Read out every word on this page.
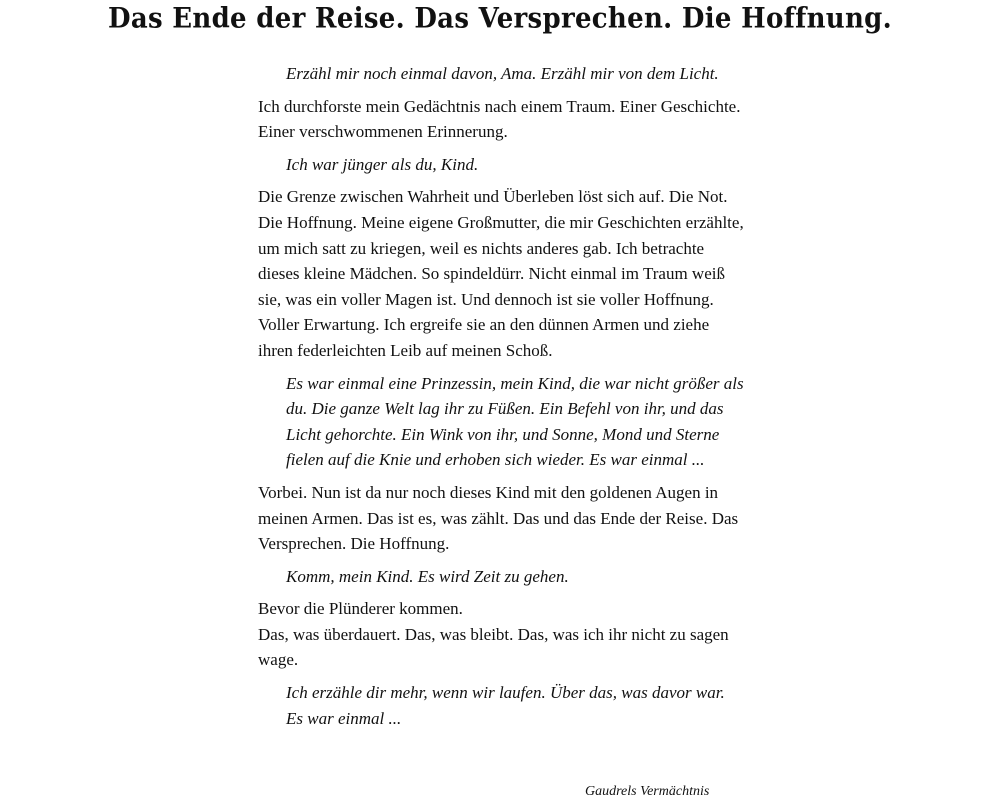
Das Ende der Reise. Das Versprechen. Die Hoffnung.

Erzähl mir noch einmal davon, Ama. Erzähl mir von dem Licht.

Ich durchforste mein Gedächtnis nach einem Traum. Einer Geschichte. Einer verschwommenen Erinnerung.

Ich war jünger als du, Kind.

Die Grenze zwischen Wahrheit und Überleben löst sich auf. Die Not. Die Hoffnung. Meine eigene Großmutter, die mir Geschichten erzählte, um mich satt zu kriegen, weil es nichts anderes gab. Ich betrachte dieses kleine Mädchen. So spindeldürr. Nicht einmal im Traum weiß sie, was ein voller Magen ist. Und dennoch ist sie voller Hoffnung. Voller Erwartung. Ich ergreife sie an den dünnen Armen und ziehe ihren federleichten Leib auf meinen Schoß.

Es war einmal eine Prinzessin, mein Kind, die war nicht größer als du. Die ganze Welt lag ihr zu Füßen. Ein Befehl von ihr, und das Licht gehorchte. Ein Wink von ihr, und Sonne, Mond und Sterne fielen auf die Knie und erhoben sich wieder. Es war einmal ...

Vorbei. Nun ist da nur noch dieses Kind mit den goldenen Augen in meinen Armen. Das ist es, was zählt. Das und das Ende der Reise. Das Versprechen. Die Hoffnung.

Komm, mein Kind. Es wird Zeit zu gehen.

Bevor die Plünderer kommen.

Das, was überdauert. Das, was bleibt. Das, was ich ihr nicht zu sagen wage.

Ich erzähle dir mehr, wenn wir laufen. Über das, was davor war. Es war einmal ...

Gaudrels Vermächtnis
